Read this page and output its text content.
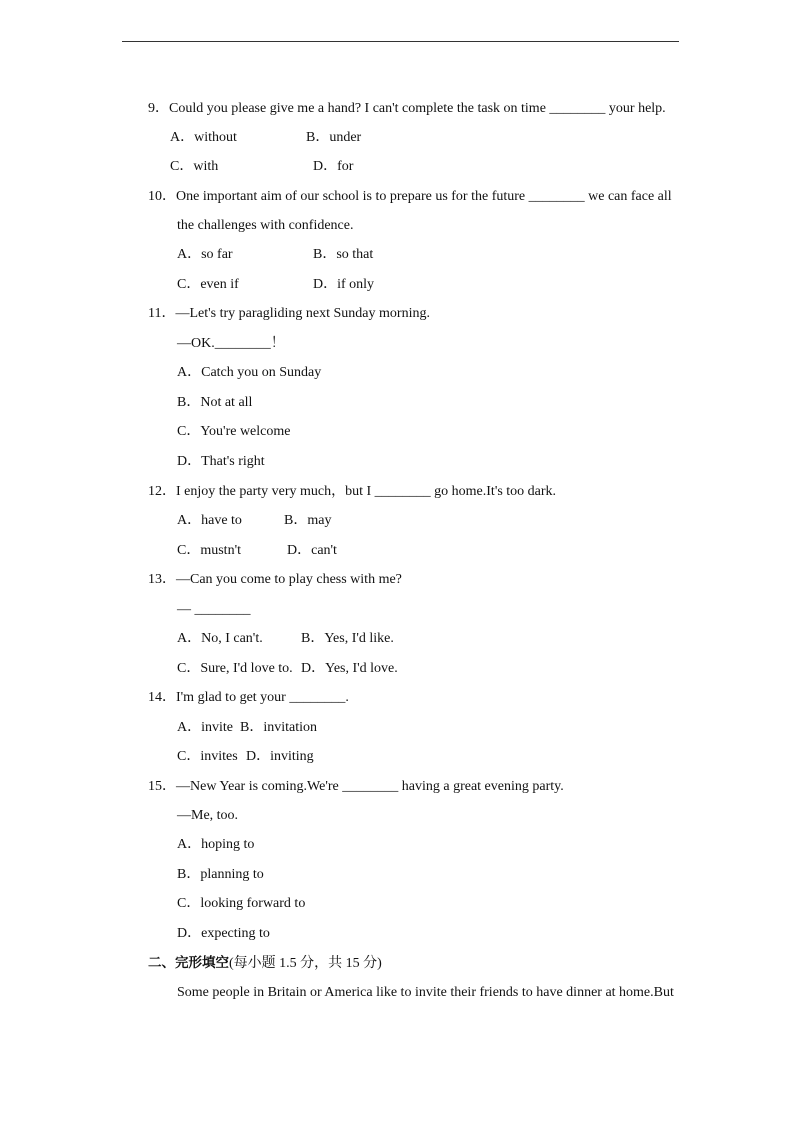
9．Could you please give me a hand? I can't complete the task on time ________ your help.
A．without	B．under
C．with	D．for
10．One important aim of our school is to prepare us for the future ________ we can face all
the challenges with confidence.
A．so far	B．so that
C．even if	D．if only
11．—Let's try paragliding next Sunday morning.
—OK.________！
A．Catch you on Sunday
B．Not at all
C．You're welcome
D．That's right
12．I enjoy the party very much，but I ________ go home.It's too dark.
A．have to	B．may
C．mustn't	D．can't
13．—Can you come to play chess with me?
— ________
A．No, I can't.	B．Yes, I'd like.
C．Sure, I'd love to. D．Yes, I'd love.
14．I'm glad to get your ________.
A．invite B．invitation
C．invites D．inviting
15．—New Year is coming.We're ________ having a great evening party.
—Me, too.
A．hoping to
B．planning to
C．looking forward to
D．expecting to
二、完形填空(每小题 1.5 分，共 15 分)
Some people in Britain or America like to invite their friends to have dinner at home.But
